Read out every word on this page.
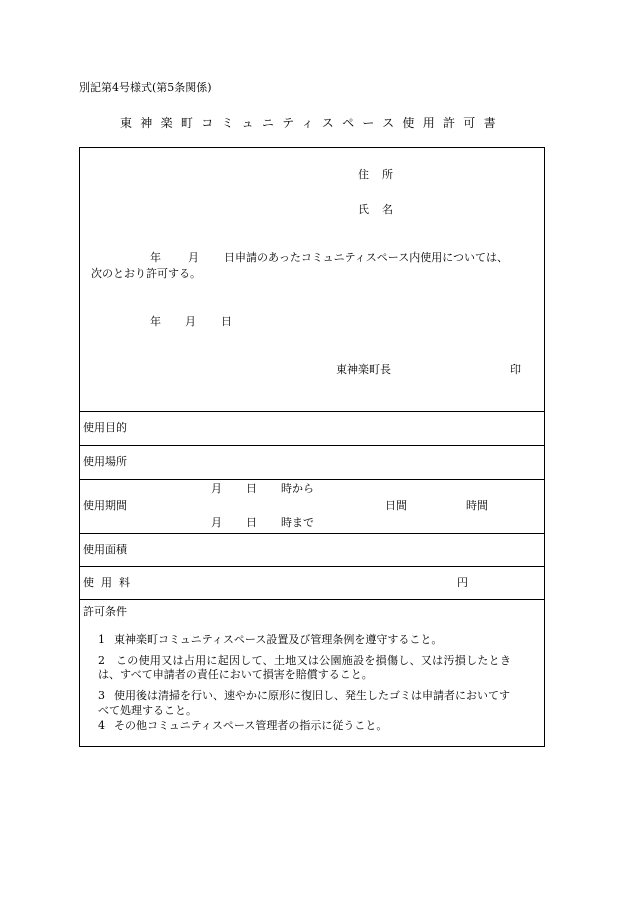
別記第4号様式(第5条関係)
東神楽町コミュニティスペース使用許可書
住所
氏名
年 月 日申請のあったコミュニティスペース内使用については、
次のとおり許可する。
年 月 日
東神楽町長	印
使用目的
使用場所
月 日 時から
使用期間	日間	時間
月 日 時まで
使用面積
使用料	円
許可条件
1 東神楽町コミュニティスペース設置及び管理条例を遵守すること。
2 この使用又は占用に起因して、土地又は公園施設を損傷し、又は汚損したとき
は、すべて申請者の責任において損害を賠償すること。
3 使用後は清掃を行い、速やかに原形に復旧し、発生したゴミは申請者においてす
べて処理すること。
4 その他コミュニティスペース管理者の指示に従うこと。
